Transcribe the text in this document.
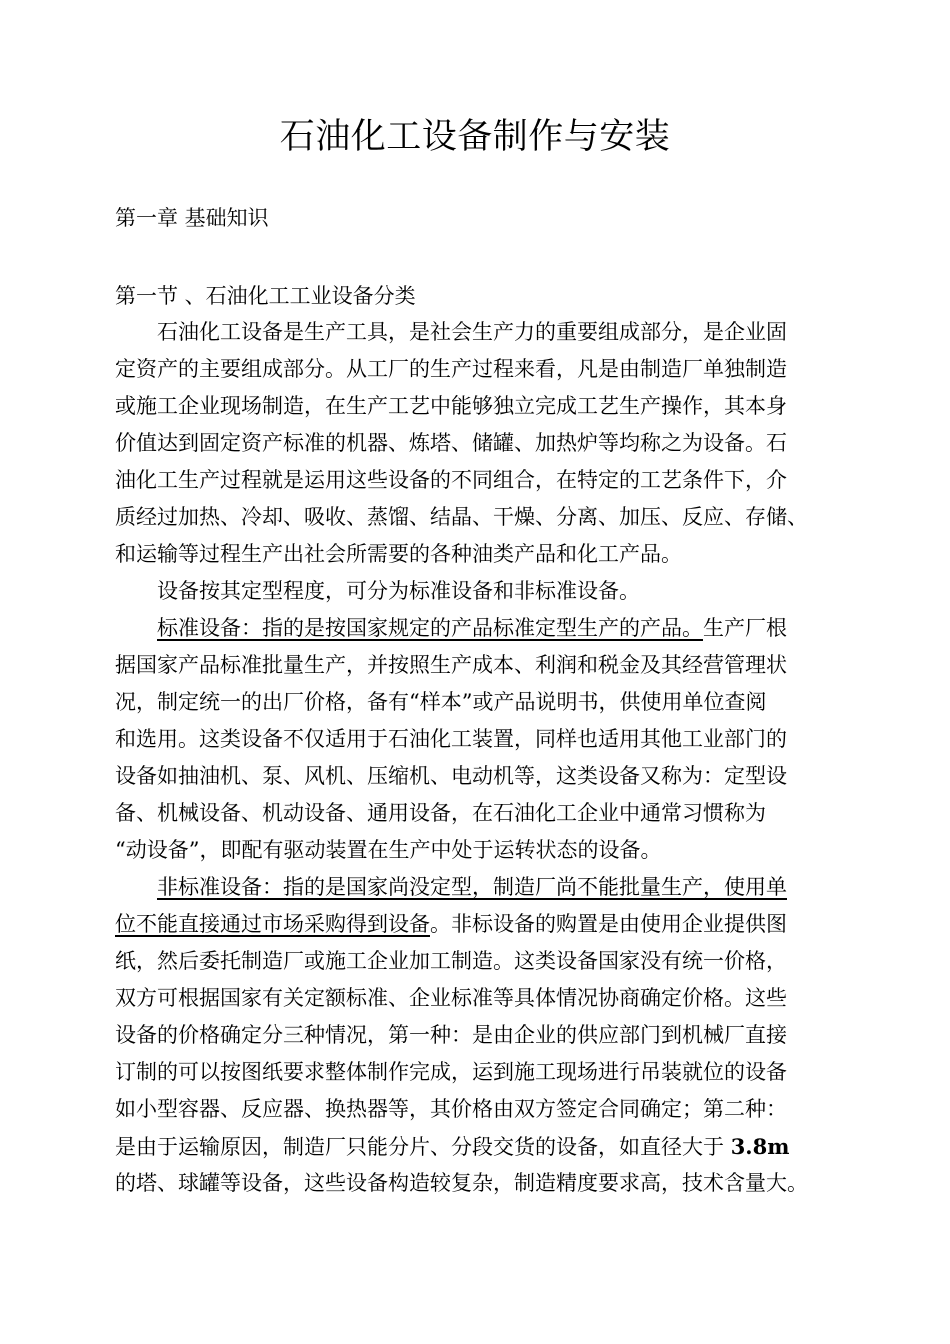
石油化工设备制作与安装
第一章 基础知识
第一节 、石油化工工业设备分类
　　石油化工设备是生产工具，是社会生产力的重要组成部分，是企业固
定资产的主要组成部分。从工厂的生产过程来看，凡是由制造厂单独制造
或施工企业现场制造，在生产工艺中能够独立完成工艺生产操作，其本身
价值达到固定资产标准的机器、炼塔、储罐、加热炉等均称之为设备。石
油化工生产过程就是运用这些设备的不同组合，在特定的工艺条件下，介
质经过加热、冷却、吸收、蒸馏、结晶、干燥、分离、加压、反应、存储、
和运输等过程生产出社会所需要的各种油类产品和化工产品。
　　设备按其定型程度，可分为标准设备和非标准设备。
　　标准设备：指的是按国家规定的产品标准定型生产的产品。生产厂根
据国家产品标准批量生产，并按照生产成本、利润和税金及其经营管理状
况，制定统一的出厂价格，备有“样本”或产品说明书，供使用单位查阅
和选用。这类设备不仅适用于石油化工装置，同样也适用其他工业部门的
设备如抽油机、泵、风机、压缩机、电动机等，这类设备又称为：定型设
备、机械设备、机动设备、通用设备，在石油化工企业中通常习惯称为
“动设备”，即配有驱动装置在生产中处于运转状态的设备。
　　非标准设备：指的是国家尚没定型，制造厂尚不能批量生产，使用单
位不能直接通过市场采购得到设备。非标设备的购置是由使用企业提供图
纸，然后委托制造厂或施工企业加工制造。这类设备国家没有统一价格，
双方可根据国家有关定额标准、企业标准等具体情况协商确定价格。这些
设备的价格确定分三种情况，第一种：是由企业的供应部门到机械厂直接
订制的可以按图纸要求整体制作完成，运到施工现场进行吊装就位的设备
如小型容器、反应器、换热器等，其价格由双方签定合同确定；第二种：
是由于运输原因，制造厂只能分片、分段交货的设备，如直径大于 3.8m
的塔、球罐等设备，这些设备构造较复杂，制造精度要求高，技术含量大。
